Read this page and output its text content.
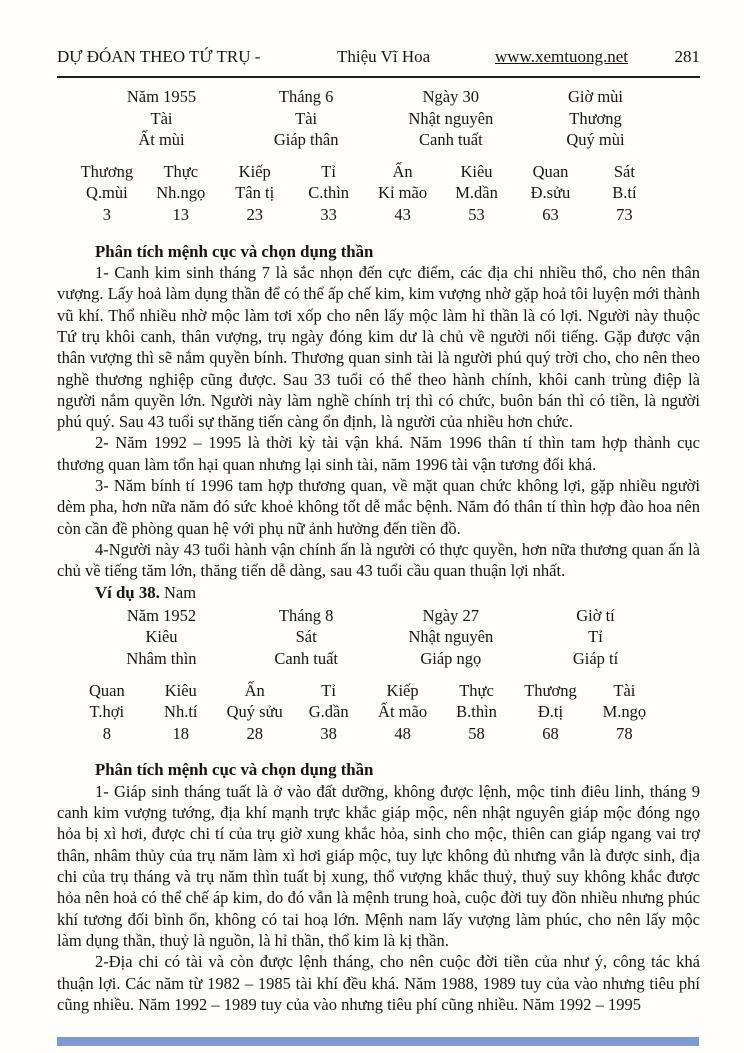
DỰ ĐÓAN THEO TỨ TRỤ -	Thiệu Vĩ Hoa	www.xemtuong.net	281
Năm 1955	Tháng 6	Ngày 30	Giờ mùi
Tài	Tài	Nhật nguyên	Thương
Ất mùi	Giáp thân	Canh tuất	Quý mùi
Thương	Thực	Kiếp	Tỉ	Ấn	Kiêu	Quan	Sát
Q.mùi	Nh.ngọ	Tân tị	C.thìn	Kỉ mão	M.dần	Đ.sửu	B.tí
3	13	23	33	43	53	63	73
Phân tích mệnh cục và chọn dụng thần

1- Canh kim sinh tháng 7 là sắc nhọn đến cực điểm, các địa chi nhiều thổ, cho nên thân vượng. Lấy hoả làm dụng thần để có thể ấp chế kim, kim vượng nhờ gặp hoả tôi luyện mới thành vũ khí. Thổ nhiều nhờ mộc làm tơi xốp cho nên lấy mộc làm hỉ thần là có lợi. Người này thuộc Tứ trụ khôi canh, thân vượng, trụ ngày đóng kim dư là chủ về người nổi tiếng. Gặp được vận thân vượng thì sẽ nắm quyền bính. Thương quan sinh tài là người phú quý trời cho, cho nên theo nghề thương nghiệp cũng được. Sau 33 tuổi có thể theo hành chính, khôi canh trùng điệp là người nắm quyền lớn. Người này làm nghề chính trị thì có chức, buôn bán thì có tiền, là người phú quý. Sau 43 tuổi sự thăng tiến càng ổn định, là người của nhiều hơn chức.

2- Năm 1992 – 1995 là thời kỳ tài vận khá. Năm 1996 thân tí thìn tam hợp thành cục thương quan làm tổn hại quan nhưng lại sinh tài, năm 1996 tài vận tương đối khá.

3- Năm bính tí 1996 tam hợp thương quan, về mặt quan chức không lợi, gặp nhiều người dèm pha, hơn nữa năm đó sức khoẻ không tốt dễ mắc bệnh. Năm đó thân tí thìn hợp đào hoa nên còn cần đề phòng quan hệ với phụ nữ ảnh hưởng đến tiền đồ.

4-Người này 43 tuổi hành vận chính ấn là người có thực quyền, hơn nữa thương quan ấn là chủ về tiếng tăm lớn, thăng tiến dễ dàng, sau 43 tuổi cầu quan thuận lợi nhất.

Ví dụ 38. Nam

Năm 1952	Tháng 8	Ngày 27	Giờ tí
Kiêu	Sát	Nhật nguyên	Tỉ
Nhâm thìn	Canh tuất	Giáp ngọ	Giáp tí
Quan	Kiêu	Ấn	Tỉ	Kiếp	Thực	Thương	Tài
T.hợi	Nh.tí	Quý sửu	G.dần	Ất mão	B.thìn	Đ.tị	M.ngọ
8	18	28	38	48	58	68	78
Phân tích mệnh cục và chọn dụng thần

1- Giáp sinh tháng tuất là ở vào đất dưỡng, không được lệnh, mộc tinh điêu linh, tháng 9 canh kim vượng tướng, địa khí mạnh trực khắc giáp mộc, nên nhật nguyên giáp mộc đóng ngọ hỏa bị xì hơi, được chi tí của trụ giờ xung khắc hỏa, sinh cho mộc, thiên can giáp ngang vai trợ thân, nhâm thủy của trụ năm làm xì hơi giáp mộc, tuy lực không đủ nhưng vẫn là được sinh, địa chi của trụ tháng và trụ năm thìn tuất bị xung, thổ vượng khắc thuỷ, thuỷ suy không khắc được hỏa nên hoả có thể chế áp kim, do đó vẫn là mệnh trung hoà, cuộc đời tuy đồn nhiều nhưng phúc khí tương đối bình ổn, không có tai hoạ lớn. Mệnh nam lấy vượng làm phúc, cho nên lấy mộc làm dụng thần, thuỷ là nguồn, là hỉ thần, thổ kim là kị thần.

2-Địa chi có tài và còn được lệnh tháng, cho nên cuộc đời tiền của như ý, công tác khá thuận lợi. Các năm từ 1982 – 1985 tài khí đều khá. Năm 1988, 1989 tuy của vào nhưng tiêu phí cũng nhiều. Năm 1992 – 1989 tuy của vào nhưng tiêu phí cũng nhiều. Năm 1992 – 1995
